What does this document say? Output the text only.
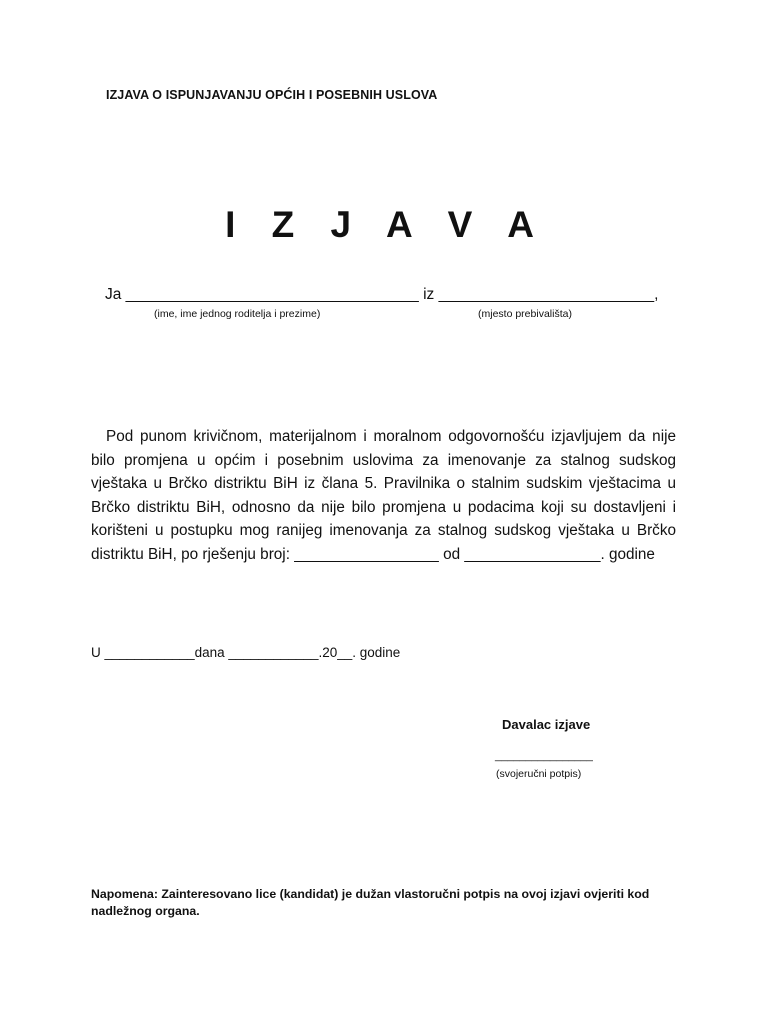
IZJAVA O ISPUNJAVANJU OPĆIH I POSEBNIH USLOVA
I Z J A V A
Ja __________________________________ iz _________________________,
(ime, ime jednog roditelja i prezime)	(mjesto prebivališta)
Pod punom krivičnom, materijalnom i moralnom odgovornošću izjavljujem da nije bilo promjena u općim i posebnim uslovima za imenovanje za stalnog sudskog vještaka u Brčko distriktu BiH iz člana 5. Pravilnika o stalnim sudskim vještacima u Brčko distriktu BiH, odnosno da nije bilo promjena u podacima koji su dostavljeni i korišteni u postupku mog ranijeg imenovanja za stalnog sudskog vještaka u Brčko distriktu BiH, po rješenju broj: _________________ od ________________. godine
U ____________dana ____________.20__. godine
Davalac izjave
________________
(svojeručni potpis)
Napomena: Zainteresovano lice (kandidat) je dužan vlastoručni potpis na ovoj izjavi ovjeriti kod nadležnog organa.
